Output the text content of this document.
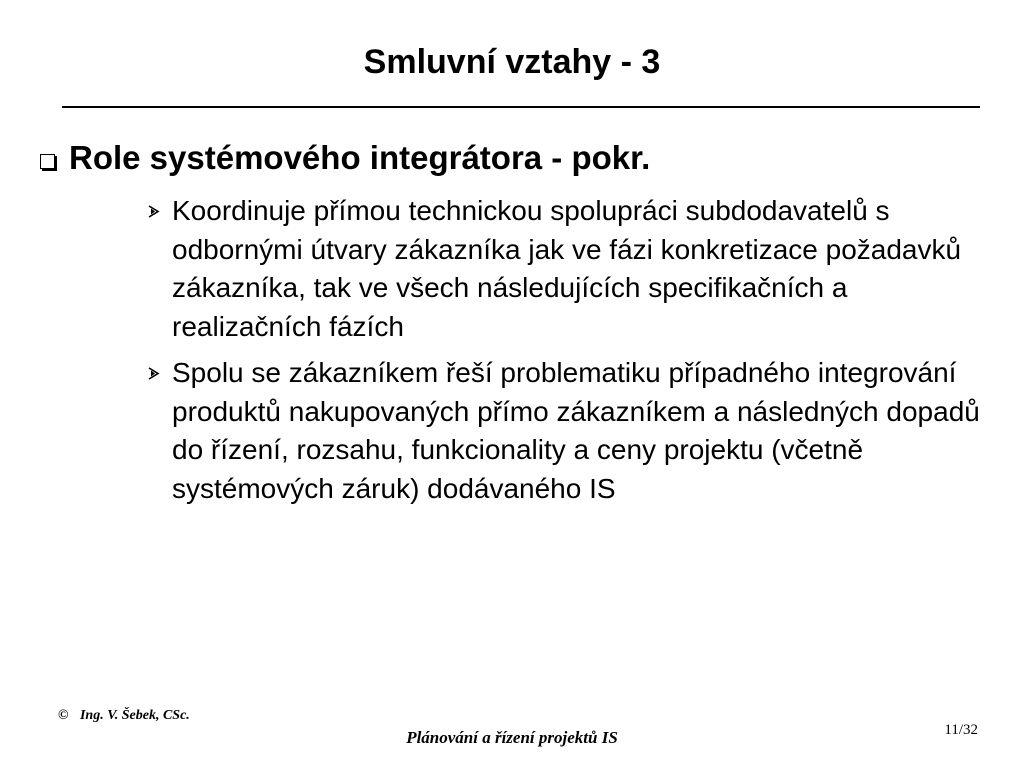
Smluvní vztahy - 3
Role systémového integrátora - pokr.
Koordinuje přímou technickou spolupráci subdodavatelů s odbornými útvary zákazníka jak ve fázi konkretizace požadavků zákazníka, tak ve všech následujících specifikačních a realizačních fázích
Spolu se zákazníkem řeší problematiku případného integrování produktů nakupovaných přímo zákazníkem a následných dopadů do řízení, rozsahu, funkcionality a ceny projektu (včetně systémových záruk) dodávaného IS
© Ing. V. Šebek, CSc.
Plánování a řízení projektů IS	11/32
